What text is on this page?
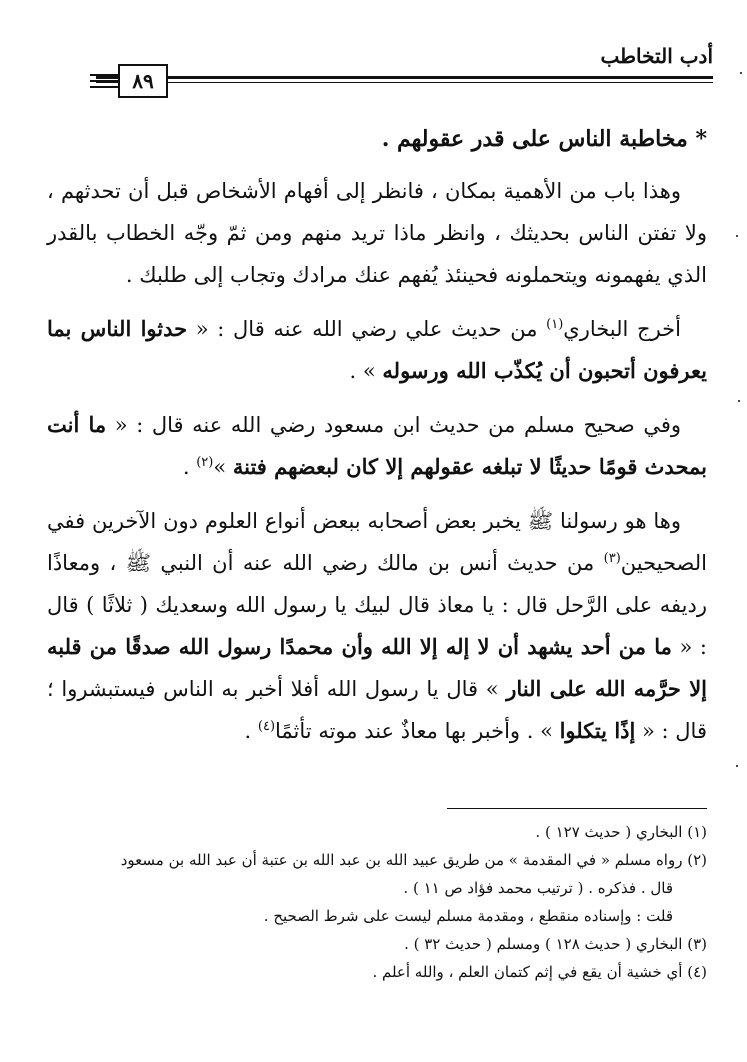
أدب التخاطب
٨٩

* مخاطبة الناس على قدر عقولهم .

وهذا باب من الأهمية بمكان ، فانظر إلى أفهام الأشخاص قبل أن تحدثهم ، ولا تفتن الناس بحديثك ، وانظر ماذا تريد منهم ومن ثمّ وجّه الخطاب بالقدر الذي يفهمونه ويتحملونه فحينئذ يُفهم عنك مرادك وتجاب إلى طلبك .

أخرج البخاري$^{(١)}$ من حديث علي رضي الله عنه قال : « حدثوا الناس بما يعرفون أتحبون أن يُكذّب الله ورسوله » .

وفي صحيح مسلم من حديث ابن مسعود رضي الله عنه قال : « ما أنت بمحدث قومًا حديثًا لا تبلغه عقولهم إلا كان لبعضهم فتنة »$^{(٢)}$ .

وها هو رسولنا ﷺ يخبر بعض أصحابه ببعض أنواع العلوم دون الآخرين ففي الصحيحين$^{(٣)}$ من حديث أنس بن مالك رضي الله عنه أن النبي ﷺ ، ومعاذًا رديفه على الرَّحل قال : يا معاذ قال لبيك يا رسول الله وسعديك ( ثلاثًا ) قال : « ما من أحد يشهد أن لا إله إلا الله وأن محمدًا رسول الله صدقًا من قلبه إلا حرَّمه الله على النار » قال يا رسول الله أفلا أخبر به الناس فيستبشروا ؛ قال : « إذًا يتكلوا » . وأخبر بها معاذٌ عند موته تأثمًا$^{(٤)}$ .

(١) البخاري ( حديث ١٢٧ ) .

(٢) رواه مسلم « في المقدمة » من طريق عبيد الله بن عبد الله بن عتبة أن عبد الله بن مسعود

قال . فذكره . ( ترتيب محمد فؤاد ص ١١ ) .

قلت : وإسناده منقطع ، ومقدمة مسلم ليست على شرط الصحيح .

(٣) البخاري ( حديث ١٢٨ ) ومسلم ( حديث ٣٢ ) .

(٤) أي خشية أن يقع في إثم كتمان العلم ، والله أعلم .
